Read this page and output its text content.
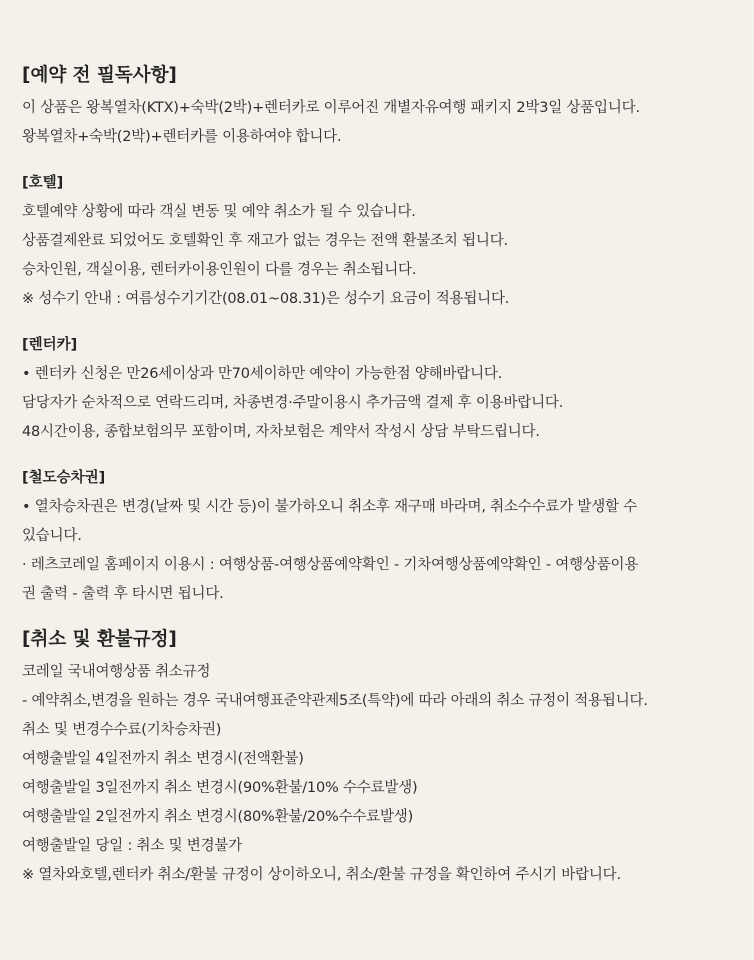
[예약 전 필독사항]
이 상품은 왕복열차(KTX)+숙박(2박)+렌터카로 이루어진 개별자유여행 패키지 2박3일 상품입니다.
왕복열차+숙박(2박)+렌터카를 이용하여야 합니다.
[호텔]
호텔예약 상황에 따라 객실 변동 및 예약 취소가 될 수 있습니다.
상품결제완료 되었어도 호텔확인 후 재고가 없는 경우는 전액 환불조치 됩니다.
승차인원, 객실이용, 렌터카이용인원이 다를 경우는 취소됩니다.
※ 성수기 안내 : 여름성수기기간(08.01~08.31)은 성수기 요금이 적용됩니다.
[렌터카]
• 렌터카 신청은 만26세이상과 만70세이하만 예약이 가능한점 양해바랍니다.
담당자가 순차적으로 연락드리며, 차종변경·주말이용시 추가금액 결제 후 이용바랍니다.
48시간이용, 종합보험의무 포함이며, 자차보험은 계약서 작성시 상담 부탁드립니다.
[철도승차권]
• 열차승차권은 변경(날짜 및 시간 등)이 불가하오니 취소후 재구매 바라며, 취소수수료가 발생할 수
있습니다.
· 레츠코레일 홈페이지 이용시 : 여행상품-여행상품예약확인 - 기차여행상품예약확인 - 여행상품이용
권 출력 - 출력 후 타시면 됩니다.
[취소 및 환불규정]
코레일 국내여행상품 취소규정
- 예약취소,변경을 원하는 경우 국내여행표준약관제5조(특약)에 따라 아래의 취소 규정이 적용됩니다.
취소 및 변경수수료(기차승차권)
여행출발일 4일전까지 취소 변경시(전액환불)
여행출발일 3일전까지 취소 변경시(90%환불/10% 수수료발생)
여행출발일 2일전까지 취소 변경시(80%환불/20%수수료발생)
여행출발일 당일 : 취소 및 변경불가
※ 열차와호텔,렌터카 취소/환불 규정이 상이하오니, 취소/환불 규정을 확인하여 주시기 바랍니다.
